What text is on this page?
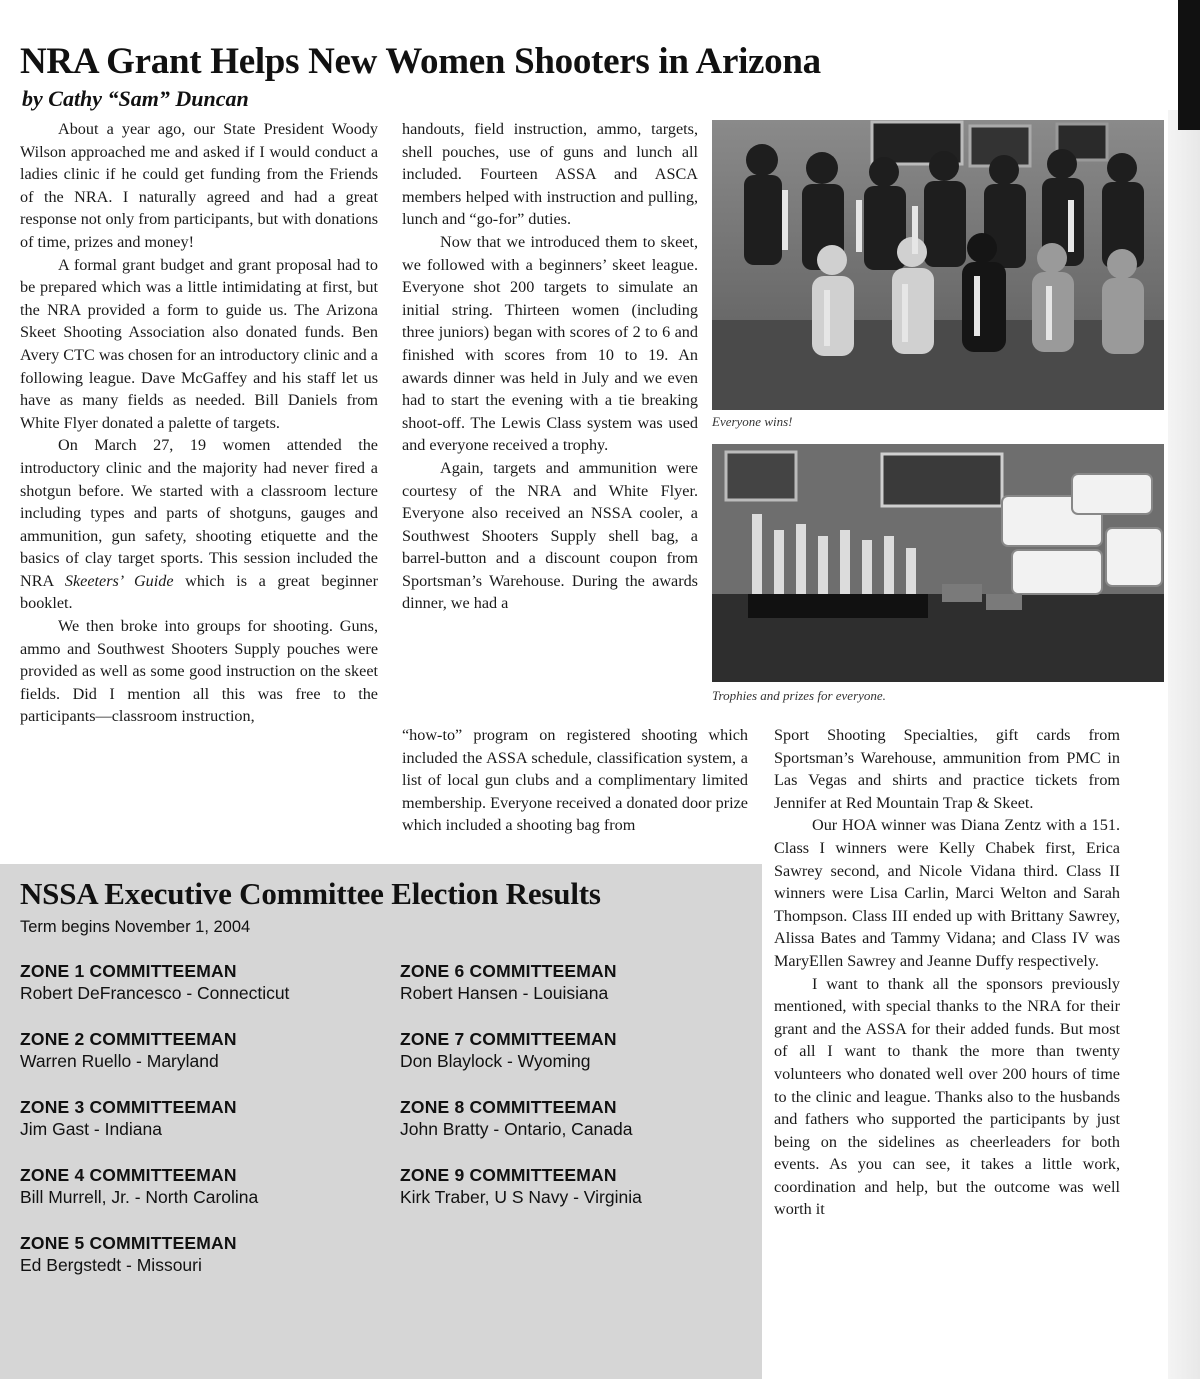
NRA Grant Helps New Women Shooters in Arizona
by Cathy “Sam” Duncan

About a year ago, our State President Woody Wilson approached me and asked if I would conduct a ladies clinic if he could get funding from the Friends of the NRA. I naturally agreed and had a great response not only from participants, but with donations of time, prizes and money!

A formal grant budget and grant proposal had to be prepared which was a little intimidating at first, but the NRA provided a form to guide us. The Arizona Skeet Shooting Association also donated funds. Ben Avery CTC was chosen for an introductory clinic and a following league. Dave McGaffey and his staff let us have as many fields as needed. Bill Daniels from White Flyer donated a palette of targets.

On March 27, 19 women attended the introductory clinic and the majority had never fired a shotgun before. We started with a classroom lecture including types and parts of shotguns, gauges and ammunition, gun safety, shooting etiquette and the basics of clay target sports. This session included the NRA Skeeters’ Guide which is a great beginner booklet.

We then broke into groups for shooting. Guns, ammo and Southwest Shooters Supply pouches were provided as well as some good instruction on the skeet fields. Did I mention all this was free to the participants—classroom instruction,

handouts, field instruction, ammo, targets, shell pouches, use of guns and lunch all included. Fourteen ASSA and ASCA members helped with instruction and pulling, lunch and “go-for” duties.

Now that we introduced them to skeet, we followed with a beginners’ skeet league. Everyone shot 200 targets to simulate an initial string. Thirteen women (including three juniors) began with scores of 2 to 6 and finished with scores from 10 to 19. An awards dinner was held in July and we even had to start the evening with a tie breaking shoot-off. The Lewis Class system was used and everyone received a trophy.

Again, targets and ammunition were courtesy of the NRA and White Flyer. Everyone also received an NSSA cooler, a Southwest Shooters Supply shell bag, a barrel-button and a discount coupon from Sportsman’s Warehouse. During the awards dinner, we had a

“how-to” program on registered shooting which included the ASSA schedule, classification system, a list of local gun clubs and a complimentary limited membership. Everyone received a donated door prize which included a shooting bag from

Sport Shooting Specialties, gift cards from Sportsman’s Warehouse, ammunition from PMC in Las Vegas and shirts and practice tickets from Jennifer at Red Mountain Trap & Skeet.

Our HOA winner was Diana Zentz with a 151. Class I winners were Kelly Chabek first, Erica Sawrey second, and Nicole Vidana third. Class II winners were Lisa Carlin, Marci Welton and Sarah Thompson. Class III ended up with Brittany Sawrey, Alissa Bates and Tammy Vidana; and Class IV was MaryEllen Sawrey and Jeanne Duffy respectively.

I want to thank all the sponsors previously mentioned, with special thanks to the NRA for their grant and the ASSA for their added funds. But most of all I want to thank the more than twenty volunteers who donated well over 200 hours of time to the clinic and league. Thanks also to the husbands and fathers who supported the participants by just being on the sidelines as cheerleaders for both events. As you can see, it takes a little work, coordination and help, but the outcome was well worth it

Everyone wins!
Trophies and prizes for everyone.
NSSA Executive Committee Election Results
Term begins November 1, 2004
ZONE 1 COMMITTEEMAN
Robert DeFrancesco - Connecticut
ZONE 2 COMMITTEEMAN
Warren Ruello - Maryland
ZONE 3 COMMITTEEMAN
Jim Gast - Indiana
ZONE 4 COMMITTEEMAN
Bill Murrell, Jr. - North Carolina
ZONE 5 COMMITTEEMAN
Ed Bergstedt - Missouri
ZONE 6 COMMITTEEMAN
Robert Hansen - Louisiana
ZONE 7 COMMITTEEMAN
Don Blaylock - Wyoming
ZONE 8 COMMITTEEMAN
John Bratty - Ontario, Canada
ZONE 9 COMMITTEEMAN
Kirk Traber, U S Navy - Virginia
